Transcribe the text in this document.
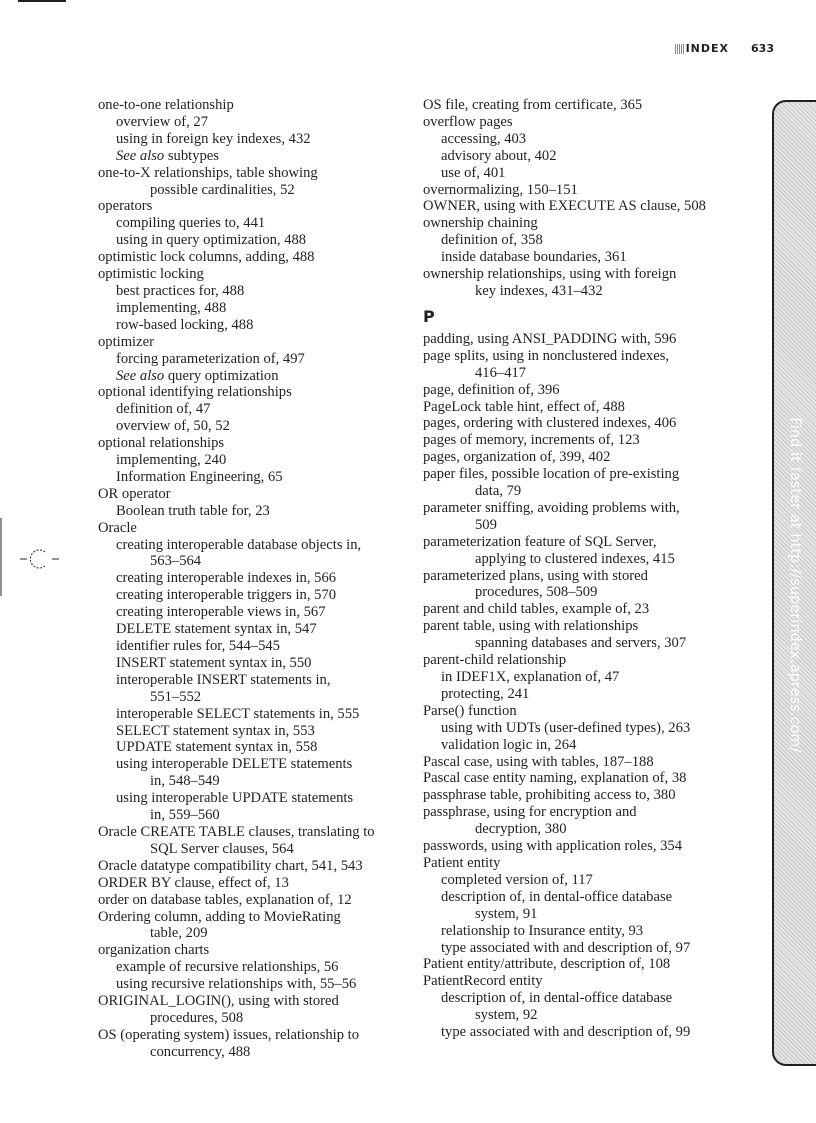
INDEX 633
one-to-one relationship
overview of, 27
using in foreign key indexes, 432
See also subtypes
one-to-X relationships, table showing
possible cardinalities, 52
operators
compiling queries to, 441
using in query optimization, 488
optimistic lock columns, adding, 488
optimistic locking
best practices for, 488
implementing, 488
row-based locking, 488
optimizer
forcing parameterization of, 497
See also query optimization
optional identifying relationships
definition of, 47
overview of, 50, 52
optional relationships
implementing, 240
Information Engineering, 65
OR operator
Boolean truth table for, 23
Oracle
creating interoperable database objects in,
563–564
creating interoperable indexes in, 566
creating interoperable triggers in, 570
creating interoperable views in, 567
DELETE statement syntax in, 547
identifier rules for, 544–545
INSERT statement syntax in, 550
interoperable INSERT statements in,
551–552
interoperable SELECT statements in, 555
SELECT statement syntax in, 553
UPDATE statement syntax in, 558
using interoperable DELETE statements
in, 548–549
using interoperable UPDATE statements
in, 559–560
Oracle CREATE TABLE clauses, translating to
SQL Server clauses, 564
Oracle datatype compatibility chart, 541, 543
ORDER BY clause, effect of, 13
order on database tables, explanation of, 12
Ordering column, adding to MovieRating
table, 209
organization charts
example of recursive relationships, 56
using recursive relationships with, 55–56
ORIGINAL_LOGIN(), using with stored
procedures, 508
OS (operating system) issues, relationship to
concurrency, 488
OS file, creating from certificate, 365
overflow pages
accessing, 403
advisory about, 402
use of, 401
overnormalizing, 150–151
OWNER, using with EXECUTE AS clause, 508
ownership chaining
definition of, 358
inside database boundaries, 361
ownership relationships, using with foreign
key indexes, 431–432
P
padding, using ANSI_PADDING with, 596
page splits, using in nonclustered indexes,
416–417
page, definition of, 396
PageLock table hint, effect of, 488
pages, ordering with clustered indexes, 406
pages of memory, increments of, 123
pages, organization of, 399, 402
paper files, possible location of pre-existing
data, 79
parameter sniffing, avoiding problems with,
509
parameterization feature of SQL Server,
applying to clustered indexes, 415
parameterized plans, using with stored
procedures, 508–509
parent and child tables, example of, 23
parent table, using with relationships
spanning databases and servers, 307
parent-child relationship
in IDEF1X, explanation of, 47
protecting, 241
Parse() function
using with UDTs (user-defined types), 263
validation logic in, 264
Pascal case, using with tables, 187–188
Pascal case entity naming, explanation of, 38
passphrase table, prohibiting access to, 380
passphrase, using for encryption and
decryption, 380
passwords, using with application roles, 354
Patient entity
completed version of, 117
description of, in dental-office database
system, 91
relationship to Insurance entity, 93
type associated with and description of, 97
Patient entity/attribute, description of, 108
PatientRecord entity
description of, in dental-office database
system, 92
type associated with and description of, 99
Find it faster at http://superindex.apress.com/
